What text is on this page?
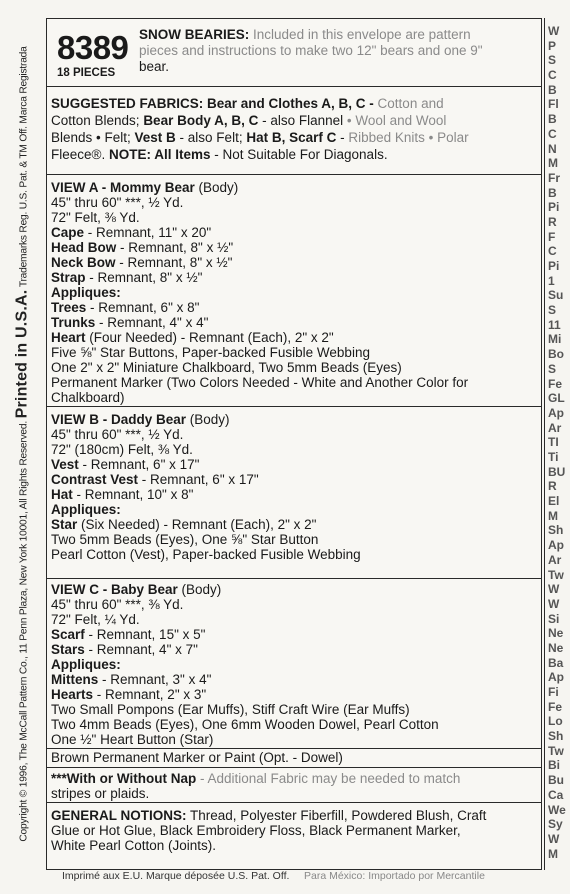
Copyright © 1996, The McCall Pattern Co., 11 Penn Plaza, New York 10001, All Rights Reserved. Printed in U.S.A. Trademarks Reg. U.S. Pat. & TM Off. Marca Registrada 8389
18 PIECES
SNOW BEARIES: Included in this envelope are pattern
pieces and instructions to make two 12" bears and one 9"
bear.
SUGGESTED FABRICS: Bear and Clothes A, B, C - Cotton and
Cotton Blends; Bear Body A, B, C - also Flannel • Wool and Wool
Blends • Felt; Vest B - also Felt; Hat B, Scarf C - Ribbed Knits • Polar
Fleece®. NOTE: All Items - Not Suitable For Diagonals.
VIEW A - Mommy Bear (Body)
45" thru 60" ***, ½ Yd.
72" Felt, ⅜ Yd.
Cape - Remnant, 11" x 20"
Head Bow - Remnant, 8" x ½"
Neck Bow - Remnant, 8" x ½"
Strap - Remnant, 8" x ½"
Appliques:
Trees - Remnant, 6" x 8"
Trunks - Remnant, 4" x 4"
Heart (Four Needed) - Remnant (Each), 2" x 2"
Five ⅝" Star Buttons, Paper-backed Fusible Webbing
One 2" x 2" Miniature Chalkboard, Two 5mm Beads (Eyes)
Permanent Marker (Two Colors Needed - White and Another Color for
Chalkboard)
VIEW B - Daddy Bear (Body)
45" thru 60" ***, ½ Yd.
72" (180cm) Felt, ⅜ Yd.
Vest - Remnant, 6" x 17"
Contrast Vest - Remnant, 6" x 17"
Hat - Remnant, 10" x 8"
Appliques:
Star (Six Needed) - Remnant (Each), 2" x 2"
Two 5mm Beads (Eyes), One ⅝" Star Button
Pearl Cotton (Vest), Paper-backed Fusible Webbing
VIEW C - Baby Bear (Body)
45" thru 60" ***, ⅜ Yd.
72" Felt, ¼ Yd.
Scarf - Remnant, 15" x 5"
Stars - Remnant, 4" x 7"
Appliques:
Mittens - Remnant, 3" x 4"
Hearts - Remnant, 2" x 3"
Two Small Pompons (Ear Muffs), Stiff Craft Wire (Ear Muffs)
Two 4mm Beads (Eyes), One 6mm Wooden Dowel, Pearl Cotton
One ½" Heart Button (Star)
Brown Permanent Marker or Paint (Opt. - Dowel)
***With or Without Nap - Additional Fabric may be needed to match
stripes or plaids.
GENERAL NOTIONS: Thread, Polyester Fiberfill, Powdered Blush, Craft
Glue or Hot Glue, Black Embroidery Floss, Black Permanent Marker,
White Pearl Cotton (Joints).
W
P
S
C
B
Fl
B
C
N
M
Fr
B
Pi
R
F
C
Pi
1
Su
S
11
Mi
Bo
S
Fe
GL
Ap
Ar
TI
Ti
BU
R
El
M
Sh
Ap
Ar
Tw
W
W
Si
Ne
Ne
Ba
Ap
Fi
Fe
Lo
Sh
Tw
Bi
Bu
Ca
We
Sy
W
M
Imprimé aux E.U. Marque déposée U.S. Pat. Off. Para México: Importado por Mercantile
